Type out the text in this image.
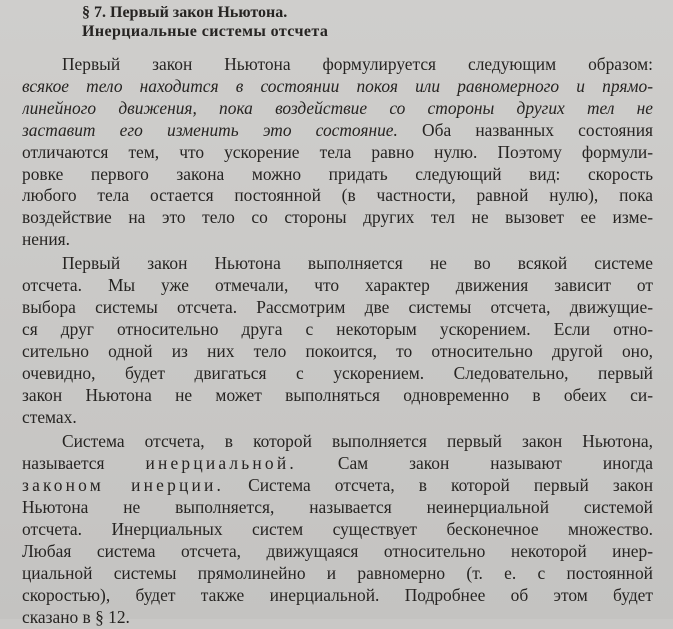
§ 7. Первый закон Ньютона.
Инерциальные системы отсчета
Первый закон Ньютона формулируется следующим образом:
всякое тело находится в состоянии покоя или равномерного и прямо-
линейного движения, пока воздействие со стороны других тел не
заставит его изменить это состояние. Оба названных состояния
отличаются тем, что ускорение тела равно нулю. Поэтому формули-
ровке первого закона можно придать следующий вид: скорость
любого тела остается постоянной (в частности, равной нулю), пока
воздействие на это тело со стороны других тел не вызовет ее изме-
нения.
Первый закон Ньютона выполняется не во всякой системе
отсчета. Мы уже отмечали, что характер движения зависит от
выбора системы отсчета. Рассмотрим две системы отсчета, движущие-
ся друг относительно друга с некоторым ускорением. Если отно-
сительно одной из них тело покоится, то относительно другой оно,
очевидно, будет двигаться с ускорением. Следовательно, первый
закон Ньютона не может выполняться одновременно в обеих си-
стемах.
Система отсчета, в которой выполняется первый закон Ньютона,
называется инерциальной. Сам закон называют иногда
законом инерции. Система отсчета, в которой первый закон
Ньютона не выполняется, называется неинерциальной системой
отсчета. Инерциальных систем существует бесконечное множество.
Любая система отсчета, движущаяся относительно некоторой инер-
циальной системы прямолинейно и равномерно (т. е. с постоянной
скоростью), будет также инерциальной. Подробнее об этом будет
сказано в § 12.
